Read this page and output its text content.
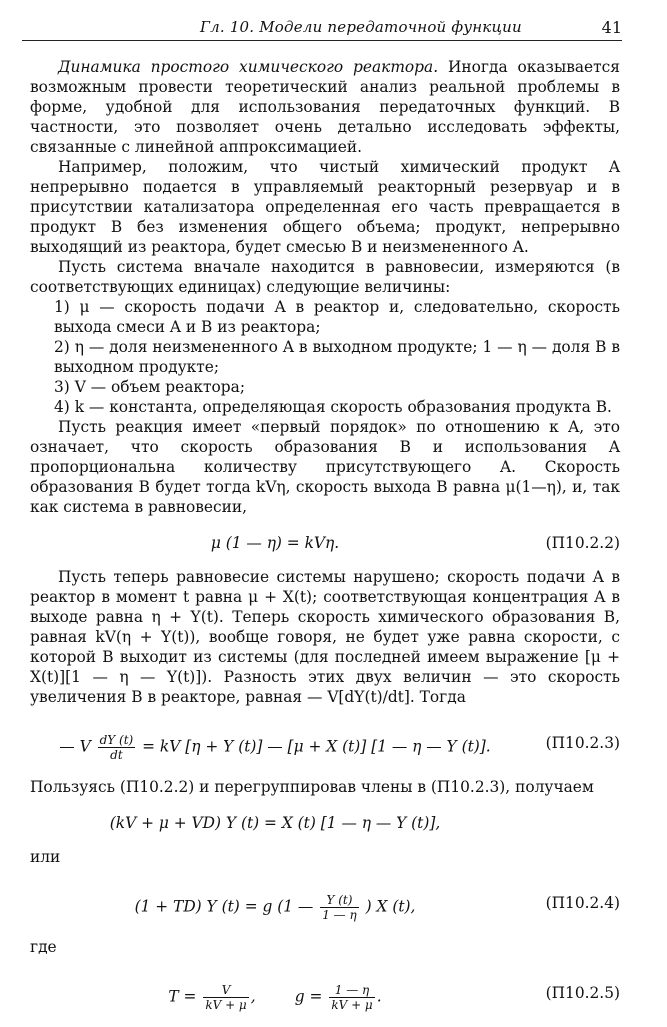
Гл. 10. Модели передаточной функции	41

Динамика простого химического реактора. Иногда оказывается возможным провести теоретический анализ реальной проблемы в форме, удобной для использования передаточных функций. В частности, это позволяет очень детально исследовать эффекты, связанные с линейной аппроксимацией.

Например, положим, что чистый химический продукт A непрерывно подается в управляемый реакторный резервуар и в присутствии катализатора определенная его часть превращается в продукт B без изменения общего объема; продукт, непрерывно выходящий из реактора, будет смесью B и неизмененного A.

Пусть система вначале находится в равновесии, измеряются (в соответствующих единицах) следующие величины:

1) μ — скорость подачи A в реактор и, следовательно, скорость выхода смеси A и B из реактора;

2) η — доля неизмененного A в выходном продукте; 1 — η — доля B в выходном продукте;

3) V — объем реактора;

4) k — константа, определяющая скорость образования продукта B.

Пусть реакция имеет «первый порядок» по отношению к A, это означает, что скорость образования B и использования A пропорциональна количеству присутствующего A. Скорость образования B будет тогда kVη, скорость выхода B равна μ(1—η), и, так как система в равновесии,

μ (1 — η) = kVη.	(П10.2.2)

Пусть теперь равновесие системы нарушено; скорость подачи A в реактор в момент t равна μ + X(t); соответствующая концентрация A в выходе равна η + Y(t). Теперь скорость химического образования B, равная kV(η + Y(t)), вообще говоря, не будет уже равна скорости, с которой B выходит из системы (для последней имеем выражение [μ + X(t)][1 — η — Y(t)]). Разность этих двух величин — это скорость увеличения B в реакторе, равная — V[dY(t)/dt]. Тогда

— V $\frac{dY (t)}{dt}$ = kV [η + Y (t)] — [μ + X (t)] [1 — η — Y (t)].	(П10.2.3)

Пользуясь (П10.2.2) и перегруппировав члены в (П10.2.3), получаем

(kV + μ + VD) Y (t) = X (t) [1 — η — Y (t)],

или

(1 + TD) Y (t) = g (1 — $\frac{Y (t)}{1 — \eta}$ ) X (t),	(П10.2.4)

где

$T = \frac{V}{kV + \mu}$ ,        $g = \frac{1 — \eta}{kV + \mu}$ .	(П10.2.5)
